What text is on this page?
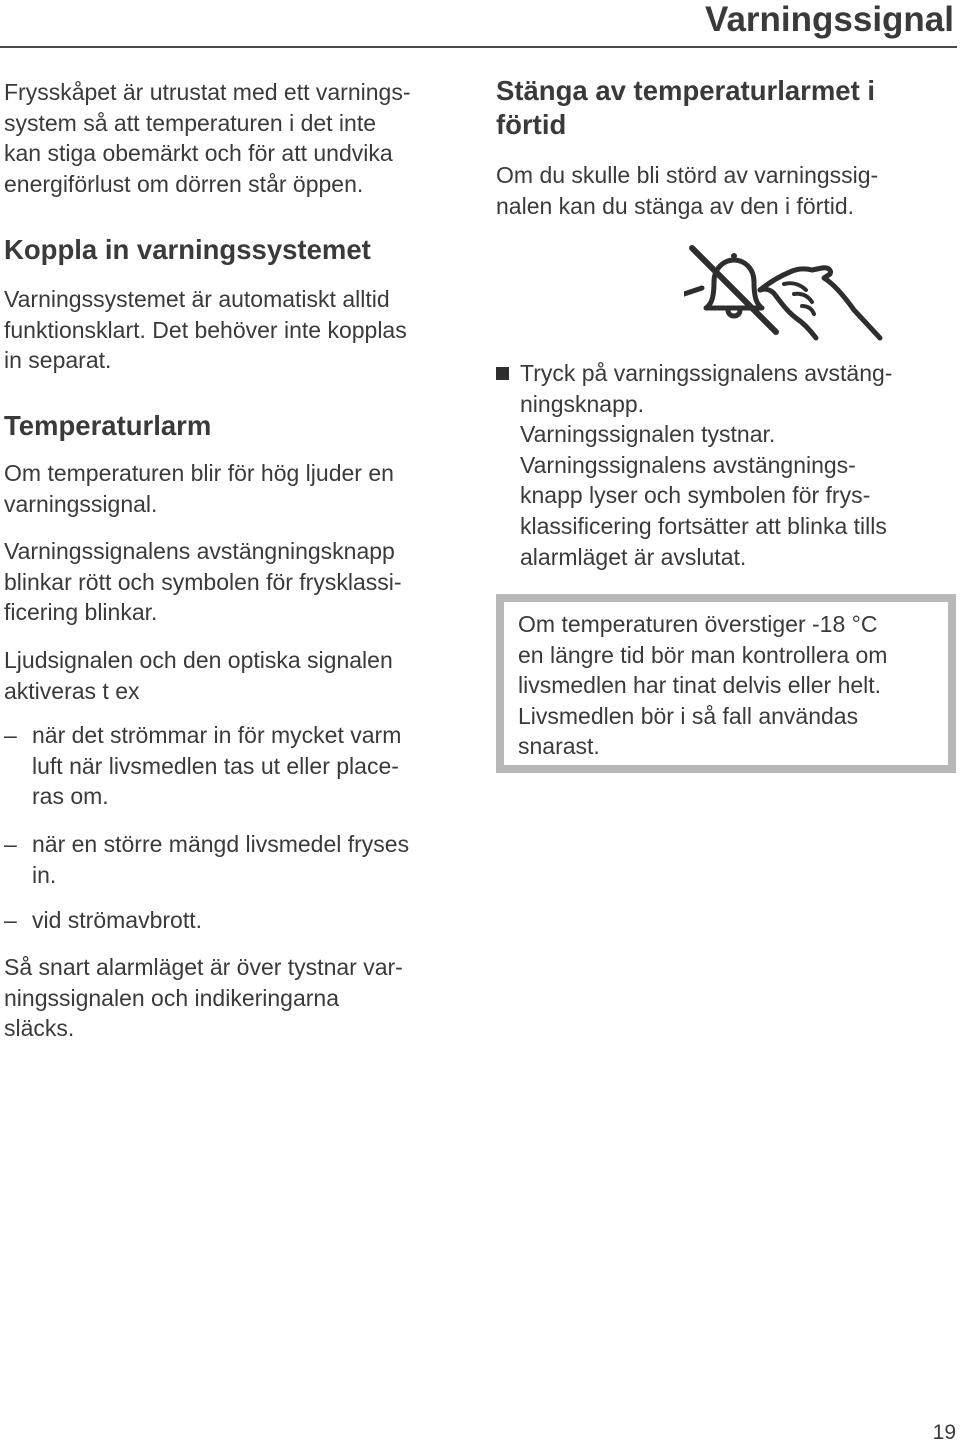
Varningssignal

Frysskåpet är utrustat med ett varnings-
system så att temperaturen i det inte
kan stiga obemärkt och för att undvika
energiförlust om dörren står öppen.

Koppla in varningssystemet

Varningssystemet är automatiskt alltid
funktionsklart. Det behöver inte kopplas
in separat.

Temperaturlarm

Om temperaturen blir för hög ljuder en
varningssignal.

Varningssignalens avstängningsknapp
blinkar rött och symbolen för frysklassi-
ficering blinkar.

Ljudsignalen och den optiska signalen
aktiveras t ex

– när det strömmar in för mycket varm
luft när livsmedlen tas ut eller place-
ras om.

– när en större mängd livsmedel fryses
in.

– vid strömavbrott.

Så snart alarmläget är över tystnar var-
ningssignalen och indikeringarna
släcks.

Stänga av temperaturlarmet i
förtid

Om du skulle bli störd av varningssig-
nalen kan du stänga av den i förtid.

Tryck på varningssignalens avstäng-
ningsknapp.
Varningssignalen tystnar.
Varningssignalens avstängnings-
knapp lyser och symbolen för frys-
klassificering fortsätter att blinka tills
alarmläget är avslutat.

Om temperaturen överstiger -18 °C
en längre tid bör man kontrollera om
livsmedlen har tinat delvis eller helt.
Livsmedlen bör i så fall användas
snarast.

19
